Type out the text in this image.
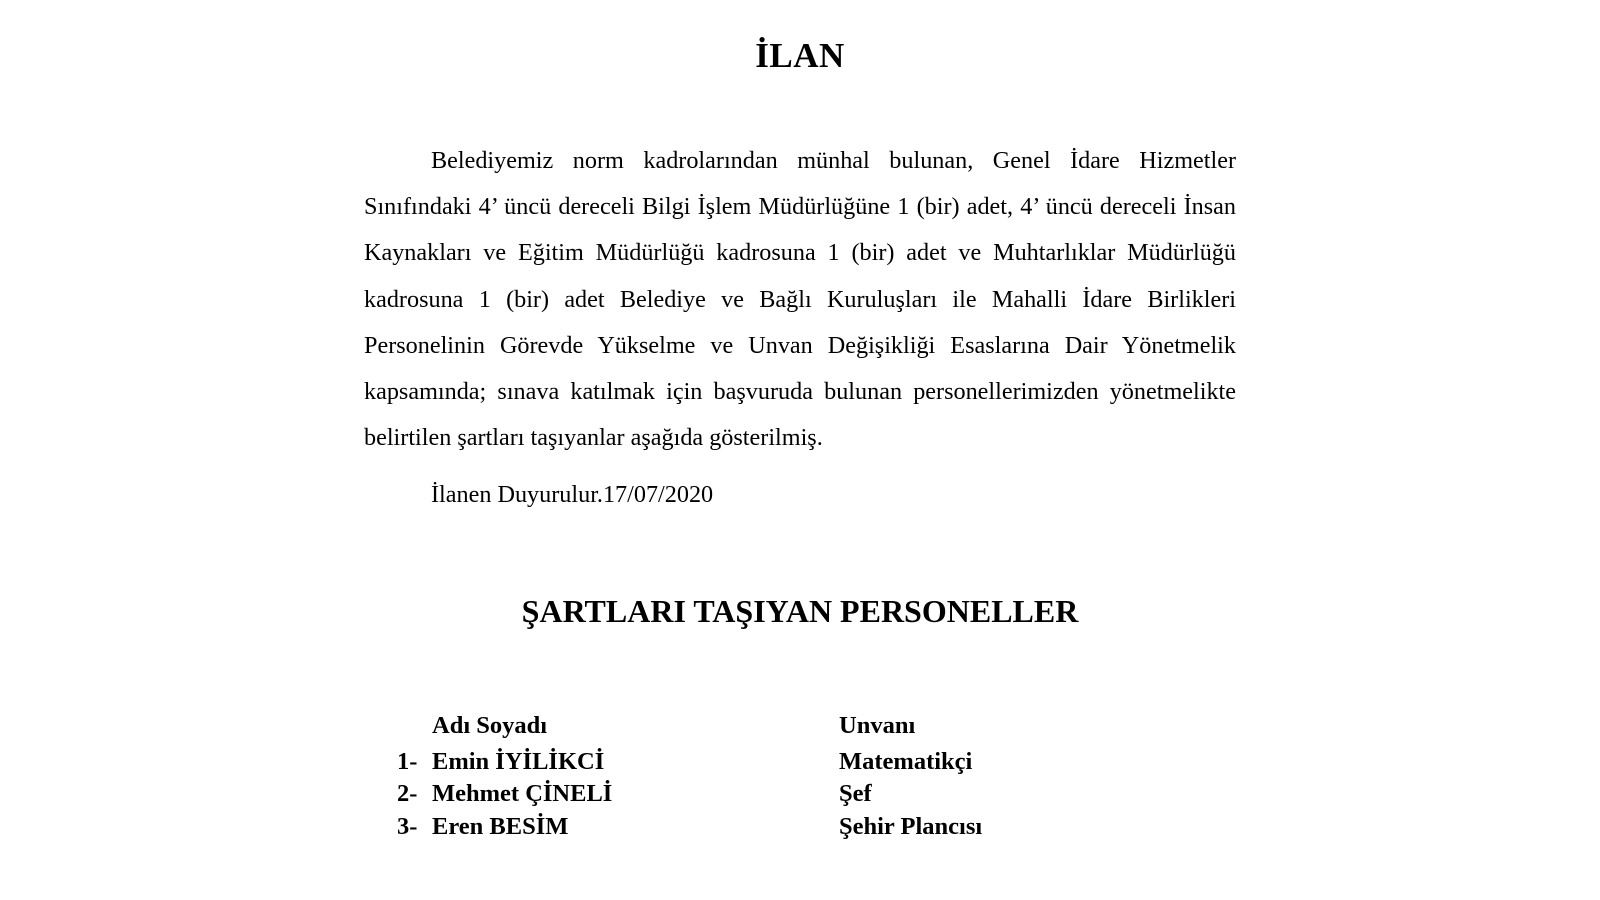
İLAN

Belediyemiz norm kadrolarından münhal bulunan, Genel İdare Hizmetler Sınıfındaki 4’ üncü dereceli Bilgi İşlem Müdürlüğüne 1 (bir) adet, 4’ üncü dereceli İnsan Kaynakları ve Eğitim Müdürlüğü kadrosuna 1 (bir) adet ve Muhtarlıklar Müdürlüğü kadrosuna 1 (bir) adet Belediye ve Bağlı Kuruluşları ile Mahalli İdare Birlikleri Personelinin Görevde Yükselme ve Unvan Değişikliği Esaslarına Dair Yönetmelik kapsamında; sınava katılmak için başvuruda bulunan personellerimizden yönetmelikte belirtilen şartları taşıyanlar aşağıda gösterilmiş.

İlanen Duyurulur.17/07/2020

ŞARTLARI TAŞIYAN PERSONELLER
Adı Soyadı	Unvanı
1- Emin İYİLİKCİ	Matematikçi
2- Mehmet ÇİNELİ	Şef
3- Eren BESİM	Şehir Plancısı
